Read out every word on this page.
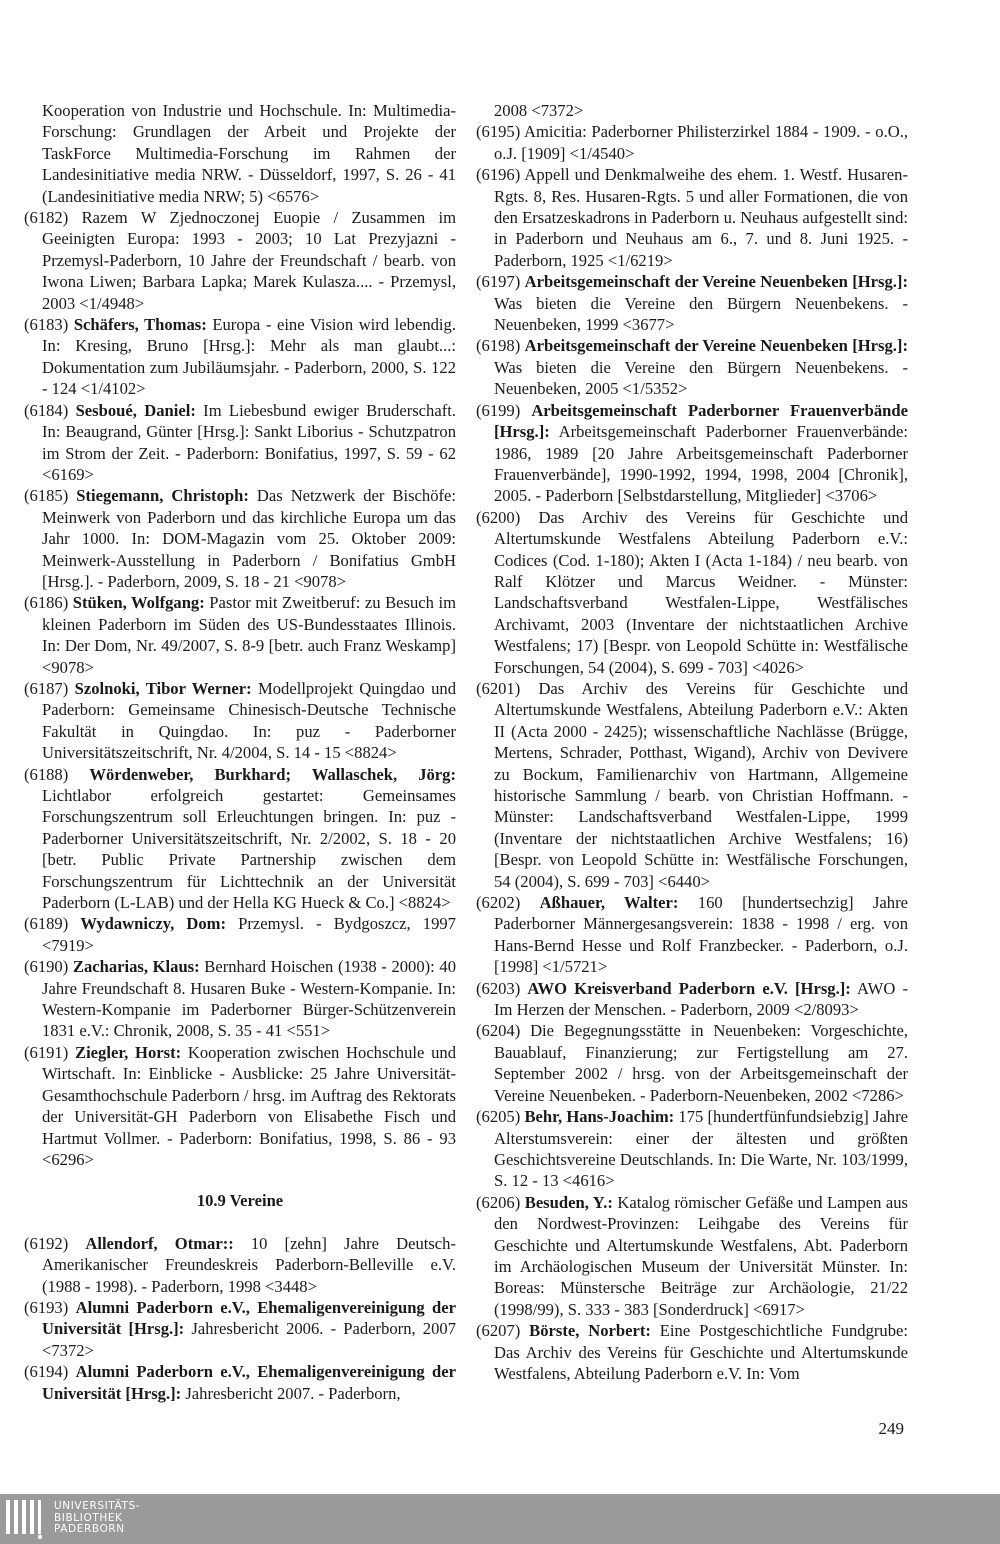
Kooperation von Industrie und Hochschule. In: Multimedia-Forschung: Grundlagen der Arbeit und Projekte der TaskForce Multimedia-Forschung im Rahmen der Landesinitiative media NRW. - Düsseldorf, 1997, S. 26 - 41 (Landesinitiative media NRW; 5) <6576>
(6182) Razem W Zjednoczonej Euopie / Zusammen im Geeinigten Europa: 1993 - 2003; 10 Lat Prezyjazni - Przemysl-Paderborn, 10 Jahre der Freundschaft / bearb. von Iwona Liwen; Barbara Lapka; Marek Kulasza.... - Przemysl, 2003 <1/4948>
(6183) Schäfers, Thomas: Europa - eine Vision wird lebendig. In: Kresing, Bruno [Hrsg.]: Mehr als man glaubt...: Dokumentation zum Jubiläumsjahr. - Paderborn, 2000, S. 122 - 124 <1/4102>
(6184) Sesboué, Daniel: Im Liebesbund ewiger Bruderschaft. In: Beaugrand, Günter [Hrsg.]: Sankt Liborius - Schutzpatron im Strom der Zeit. - Paderborn: Bonifatius, 1997, S. 59 - 62 <6169>
(6185) Stiegemann, Christoph: Das Netzwerk der Bischöfe: Meinwerk von Paderborn und das kirchliche Europa um das Jahr 1000. In: DOM-Magazin vom 25. Oktober 2009: Meinwerk-Ausstellung in Paderborn / Bonifatius GmbH [Hrsg.]. - Paderborn, 2009, S. 18 - 21 <9078>
(6186) Stüken, Wolfgang: Pastor mit Zweitberuf: zu Besuch im kleinen Paderborn im Süden des US-Bundesstaates Illinois. In: Der Dom, Nr. 49/2007, S. 8-9 [betr. auch Franz Weskamp] <9078>
(6187) Szolnoki, Tibor Werner: Modellprojekt Quingdao und Paderborn: Gemeinsame Chinesisch-Deutsche Technische Fakultät in Quingdao. In: puz - Paderborner Universitätszeitschrift, Nr. 4/2004, S. 14 - 15 <8824>
(6188) Wördenweber, Burkhard; Wallaschek, Jörg: Lichtlabor erfolgreich gestartet: Gemeinsames Forschungszentrum soll Erleuchtungen bringen. In: puz - Paderborner Universitätszeitschrift, Nr. 2/2002, S. 18 - 20 [betr. Public Private Partnership zwischen dem Forschungszentrum für Lichttechnik an der Universität Paderborn (L-LAB) und der Hella KG Hueck & Co.] <8824>
(6189) Wydawniczy, Dom: Przemysl. - Bydgoszcz, 1997 <7919>
(6190) Zacharias, Klaus: Bernhard Hoischen (1938 - 2000): 40 Jahre Freundschaft 8. Husaren Buke - Western-Kompanie. In: Western-Kompanie im Paderborner Bürger-Schützenverein 1831 e.V.: Chronik, 2008, S. 35 - 41 <551>
(6191) Ziegler, Horst: Kooperation zwischen Hochschule und Wirtschaft. In: Einblicke - Ausblicke: 25 Jahre Universität-Gesamthochschule Paderborn / hrsg. im Auftrag des Rektorats der Universität-GH Paderborn von Elisabethe Fisch und Hartmut Vollmer. - Paderborn: Bonifatius, 1998, S. 86 - 93 <6296>
10.9 Vereine
(6192) Allendorf, Otmar:: 10 [zehn] Jahre Deutsch-Amerikanischer Freundeskreis Paderborn-Belleville e.V. (1988 - 1998). - Paderborn, 1998 <3448>
(6193) Alumni Paderborn e.V., Ehemaligenvereinigung der Universität [Hrsg.]: Jahresbericht 2006. - Paderborn, 2007 <7372>
(6194) Alumni Paderborn e.V., Ehemaligenvereinigung der Universität [Hrsg.]: Jahresbericht 2007. - Paderborn,
2008 <7372>
(6195) Amicitia: Paderborner Philisterzirkel 1884 - 1909. - o.O., o.J. [1909] <1/4540>
(6196) Appell und Denkmalweihe des ehem. 1. Westf. Husaren-Rgts. 8, Res. Husaren-Rgts. 5 und aller Formationen, die von den Ersatzeskadrons in Paderborn u. Neuhaus aufgestellt sind: in Paderborn und Neuhaus am 6., 7. und 8. Juni 1925. - Paderborn, 1925 <1/6219>
(6197) Arbeitsgemeinschaft der Vereine Neuenbeken [Hrsg.]: Was bieten die Vereine den Bürgern Neuenbekens. - Neuenbeken, 1999 <3677>
(6198) Arbeitsgemeinschaft der Vereine Neuenbeken [Hrsg.]: Was bieten die Vereine den Bürgern Neuenbekens. - Neuenbeken, 2005 <1/5352>
(6199) Arbeitsgemeinschaft Paderborner Frauenverbände [Hrsg.]: Arbeitsgemeinschaft Paderborner Frauenverbände: 1986, 1989 [20 Jahre Arbeitsgemeinschaft Paderborner Frauenverbände], 1990-1992, 1994, 1998, 2004 [Chronik], 2005. - Paderborn [Selbstdarstellung, Mitglieder] <3706>
(6200) Das Archiv des Vereins für Geschichte und Altertumskunde Westfalens Abteilung Paderborn e.V.: Codices (Cod. 1-180); Akten I (Acta 1-184) / neu bearb. von Ralf Klötzer und Marcus Weidner. - Münster: Landschaftsverband Westfalen-Lippe, Westfälisches Archivamt, 2003 (Inventare der nichtstaatlichen Archive Westfalens; 17) [Bespr. von Leopold Schütte in: Westfälische Forschungen, 54 (2004), S. 699 - 703] <4026>
(6201) Das Archiv des Vereins für Geschichte und Altertumskunde Westfalens, Abteilung Paderborn e.V.: Akten II (Acta 2000 - 2425); wissenschaftliche Nachlässe (Brügge, Mertens, Schrader, Potthast, Wigand), Archiv von Devivere zu Bockum, Familienarchiv von Hartmann, Allgemeine historische Sammlung / bearb. von Christian Hoffmann. - Münster: Landschaftsverband Westfalen-Lippe, 1999 (Inventare der nichtstaatlichen Archive Westfalens; 16) [Bespr. von Leopold Schütte in: Westfälische Forschungen, 54 (2004), S. 699 - 703] <6440>
(6202) Aßhauer, Walter: 160 [hundertsechzig] Jahre Paderborner Männergesangsverein: 1838 - 1998 / erg. von Hans-Bernd Hesse und Rolf Franzbecker. - Paderborn, o.J. [1998] <1/5721>
(6203) AWO Kreisverband Paderborn e.V. [Hrsg.]: AWO - Im Herzen der Menschen. - Paderborn, 2009 <2/8093>
(6204) Die Begegnungsstätte in Neuenbeken: Vorgeschichte, Bauablauf, Finanzierung; zur Fertigstellung am 27. September 2002 / hrsg. von der Arbeitsgemeinschaft der Vereine Neuenbeken. - Paderborn-Neuenbeken, 2002 <7286>
(6205) Behr, Hans-Joachim: 175 [hundertfünfundsiebzig] Jahre Alterstumsverein: einer der ältesten und größten Geschichtsvereine Deutschlands. In: Die Warte, Nr. 103/1999, S. 12 - 13 <4616>
(6206) Besuden, Y.: Katalog römischer Gefäße und Lampen aus den Nordwest-Provinzen: Leihgabe des Vereins für Geschichte und Altertumskunde Westfalens, Abt. Paderborn im Archäologischen Museum der Universität Münster. In: Boreas: Münstersche Beiträge zur Archäologie, 21/22 (1998/99), S. 333 - 383 [Sonderdruck] <6917>
(6207) Börste, Norbert: Eine Postgeschichtliche Fundgrube: Das Archiv des Vereins für Geschichte und Altertumskunde Westfalens, Abteilung Paderborn e.V. In: Vom
249
UNIVERSITÄTS-
BIBLIOTHEK
PADERBORN
